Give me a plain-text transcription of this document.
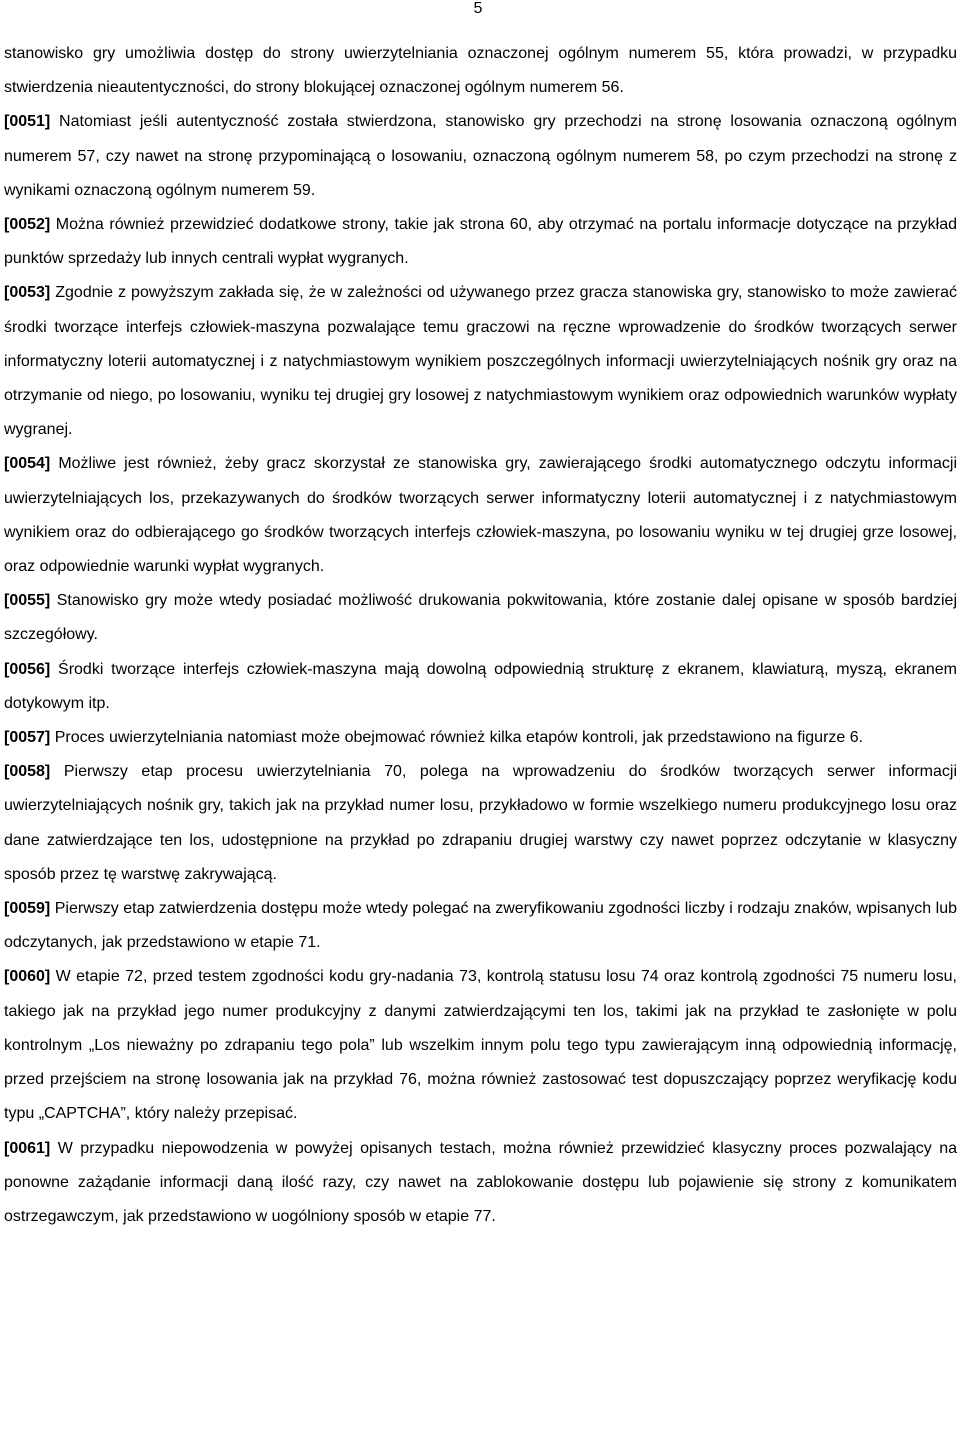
5

stanowisko gry umożliwia dostęp do strony uwierzytelniania oznaczonej ogólnym numerem 55, która prowadzi, w przypadku stwierdzenia nieautentyczności, do strony blokującej oznaczonej ogólnym numerem 56.

[0051] Natomiast jeśli autentyczność została stwierdzona, stanowisko gry przechodzi na stronę losowania oznaczoną ogólnym numerem 57, czy nawet na stronę przypominającą o losowaniu, oznaczoną ogólnym numerem 58, po czym przechodzi na stronę z wynikami oznaczoną ogólnym numerem 59.

[0052] Można również przewidzieć dodatkowe strony, takie jak strona 60, aby otrzymać na portalu informacje dotyczące na przykład punktów sprzedaży lub innych centrali wypłat wygranych.

[0053] Zgodnie z powyższym zakłada się, że w zależności od używanego przez gracza stanowiska gry, stanowisko to może zawierać środki tworzące interfejs człowiek-maszyna pozwalające temu graczowi na ręczne wprowadzenie do środków tworzących serwer informatyczny loterii automatycznej i z natychmiastowym wynikiem poszczególnych informacji uwierzytelniających nośnik gry oraz na otrzymanie od niego, po losowaniu, wyniku tej drugiej gry losowej z natychmiastowym wynikiem oraz odpowiednich warunków wypłaty wygranej.

[0054] Możliwe jest również, żeby gracz skorzystał ze stanowiska gry, zawierającego środki automatycznego odczytu informacji uwierzytelniających los, przekazywanych do środków tworzących serwer informatyczny loterii automatycznej i z natychmiastowym wynikiem oraz do odbierającego go środków tworzących interfejs człowiek-maszyna, po losowaniu wyniku w tej drugiej grze losowej, oraz odpowiednie warunki wypłat wygranych.

[0055] Stanowisko gry może wtedy posiadać możliwość drukowania pokwitowania, które zostanie dalej opisane w sposób bardziej szczegółowy.

[0056] Środki tworzące interfejs człowiek-maszyna mają dowolną odpowiednią strukturę z ekranem, klawiaturą, myszą, ekranem dotykowym itp.

[0057] Proces uwierzytelniania natomiast może obejmować również kilka etapów kontroli, jak przedstawiono na figurze 6.

[0058] Pierwszy etap procesu uwierzytelniania 70, polega na wprowadzeniu do środków tworzących serwer informacji uwierzytelniających nośnik gry, takich jak na przykład numer losu, przykładowo w formie wszelkiego numeru produkcyjnego losu oraz dane zatwierdzające ten los, udostępnione na przykład po zdrapaniu drugiej warstwy czy nawet poprzez odczytanie w klasyczny sposób przez tę warstwę zakrywającą.

[0059] Pierwszy etap zatwierdzenia dostępu może wtedy polegać na zweryfikowaniu zgodności liczby i rodzaju znaków, wpisanych lub odczytanych, jak przedstawiono w etapie 71.

[0060] W etapie 72, przed testem zgodności kodu gry-nadania 73, kontrolą statusu losu 74 oraz kontrolą zgodności 75 numeru losu, takiego jak na przykład jego numer produkcyjny z danymi zatwierdzającymi ten los, takimi jak na przykład te zasłonięte w polu kontrolnym „Los nieważny po zdrapaniu tego pola” lub wszelkim innym polu tego typu zawierającym inną odpowiednią informację, przed przejściem na stronę losowania jak na przykład 76, można również zastosować test dopuszczający poprzez weryfikację kodu typu „CAPTCHA”, który należy przepisać.

[0061] W przypadku niepowodzenia w powyżej opisanych testach, można również przewidzieć klasyczny proces pozwalający na ponowne zażądanie informacji daną ilość razy, czy nawet na zablokowanie dostępu lub pojawienie się strony z komunikatem ostrzegawczym, jak przedstawiono w uogólniony sposób w etapie 77.
